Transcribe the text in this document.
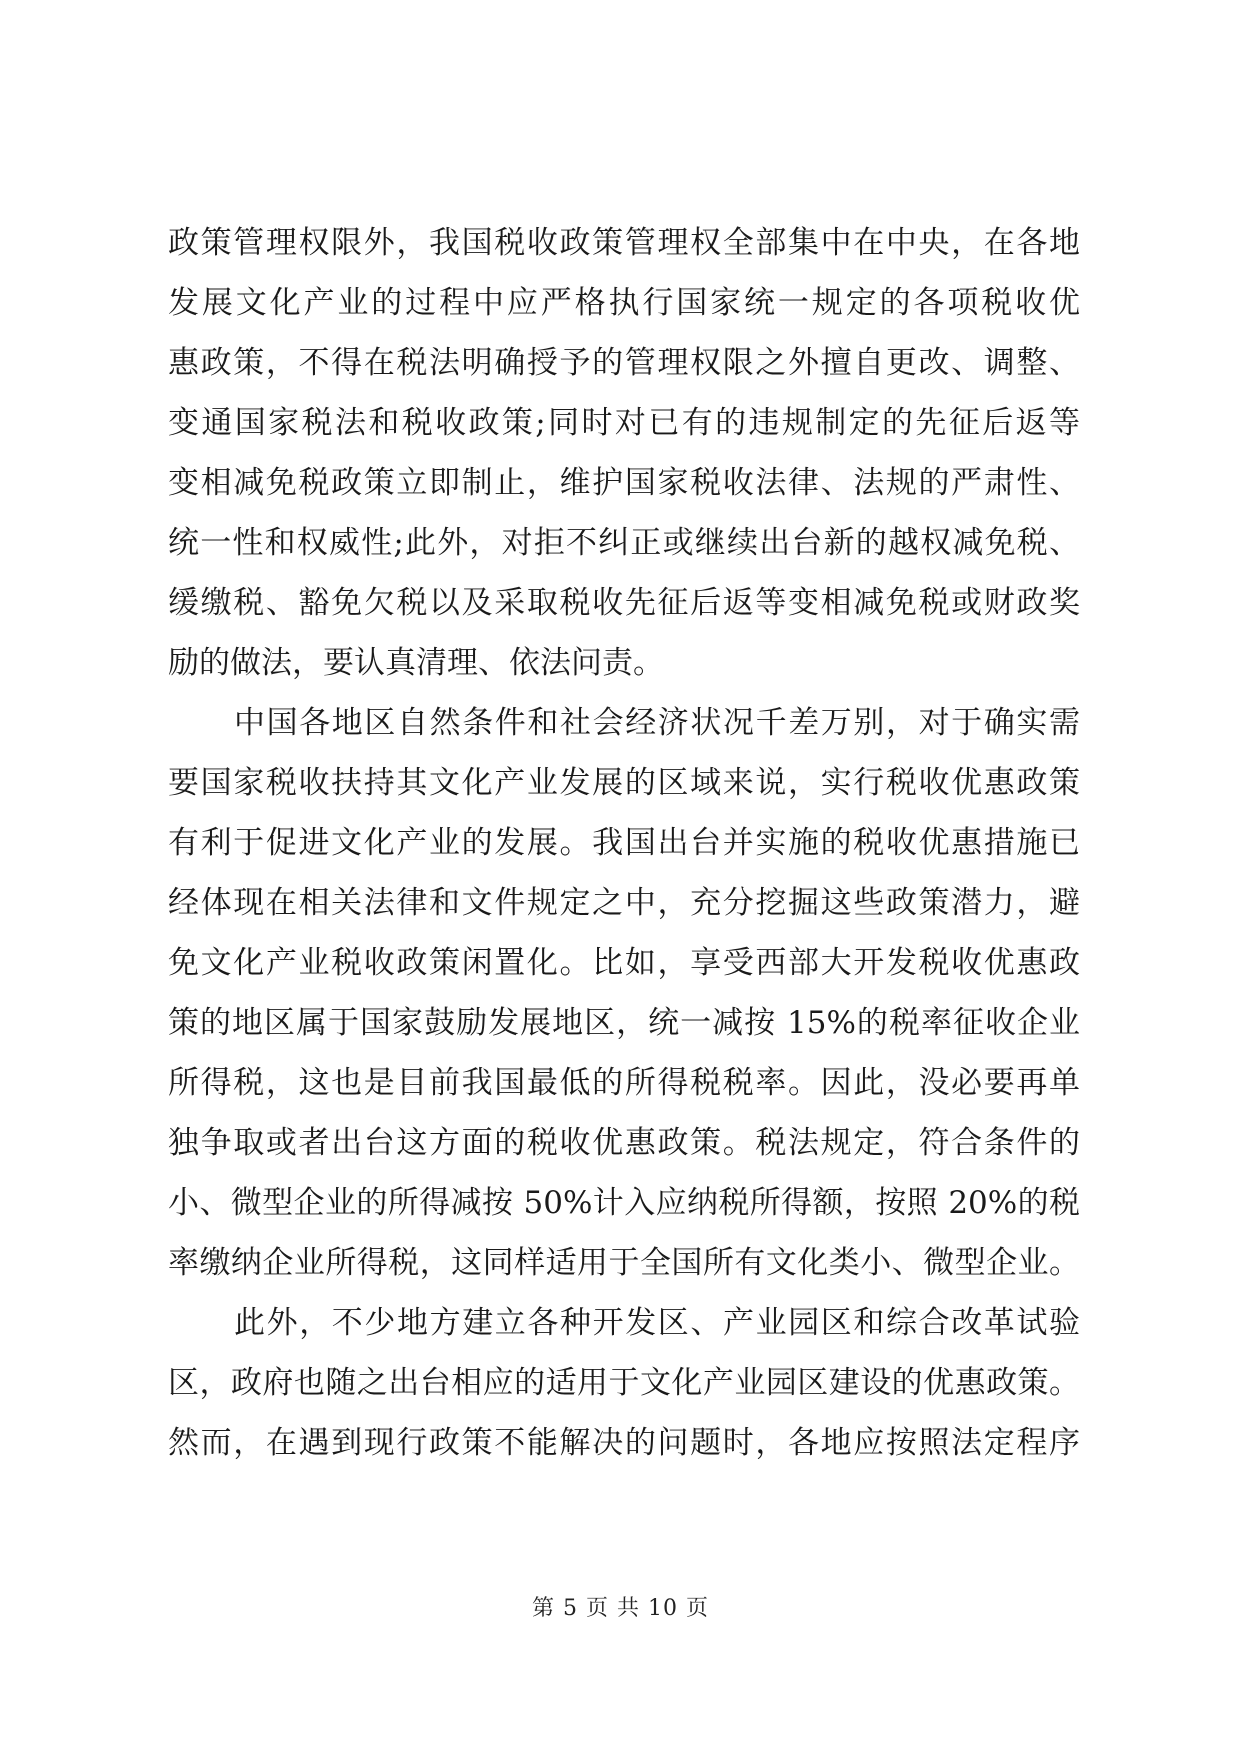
政策管理权限外，我国税收政策管理权全部集中在中央，在各地
发展文化产业的过程中应严格执行国家统一规定的各项税收优
惠政策，不得在税法明确授予的管理权限之外擅自更改、调整、
变通国家税法和税收政策;同时对已有的违规制定的先征后返等
变相减免税政策立即制止，维护国家税收法律、法规的严肃性、
统一性和权威性;此外，对拒不纠正或继续出台新的越权减免税、
缓缴税、豁免欠税以及采取税收先征后返等变相减免税或财政奖
励的做法，要认真清理、依法问责。
中国各地区自然条件和社会经济状况千差万别，对于确实需
要国家税收扶持其文化产业发展的区域来说，实行税收优惠政策
有利于促进文化产业的发展。我国出台并实施的税收优惠措施已
经体现在相关法律和文件规定之中，充分挖掘这些政策潜力，避
免文化产业税收政策闲置化。比如，享受西部大开发税收优惠政
策的地区属于国家鼓励发展地区，统一减按 15%的税率征收企业
所得税，这也是目前我国最低的所得税税率。因此，没必要再单
独争取或者出台这方面的税收优惠政策。税法规定，符合条件的
小、微型企业的所得减按 50%计入应纳税所得额，按照 20%的税
率缴纳企业所得税，这同样适用于全国所有文化类小、微型企业。
此外，不少地方建立各种开发区、产业园区和综合改革试验
区，政府也随之出台相应的适用于文化产业园区建设的优惠政策。
然而，在遇到现行政策不能解决的问题时，各地应按照法定程序
第 5 页 共 10 页
